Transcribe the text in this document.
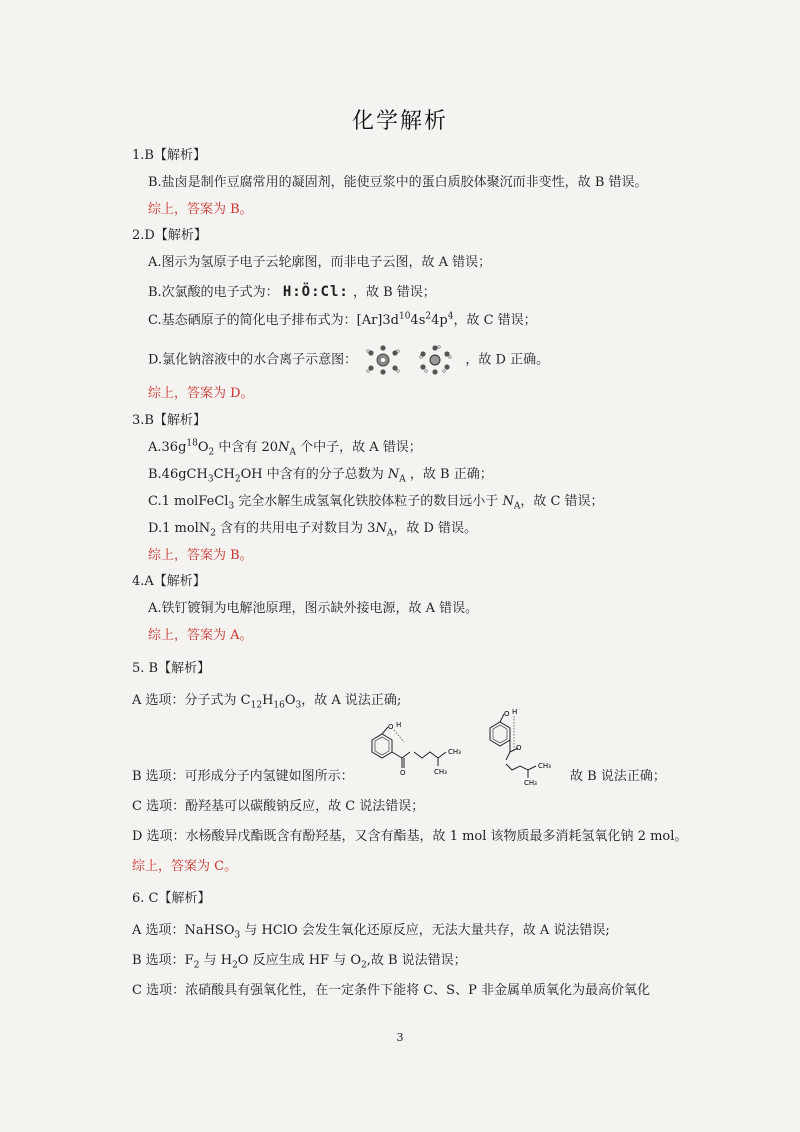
化学解析
1.B【解析】
B.盐卤是制作豆腐常用的凝固剂，能使豆浆中的蛋白质胶体聚沉而非变性，故 B 错误。
综上，答案为 B。
2.D【解析】
A.图示为氢原子电子云轮廓图，而非电子云图，故 A 错误；
B.次氯酸的电子式为： H:Ö:Cl: ，故 B 错误；
C.基态硒原子的简化电子排布式为：$[Ar]3d^{10}4s^24p^4$，故 C 错误；
D.氯化钠溶液中的水合离子示意图：	，故 D 正确。
综上，答案为 D。
3.B【解析】
$A.36g^{18}O_2$ 中含有 $20N_A$ 个中子，故 A 错误；
$B.46gCH_3CH_2OH$ 中含有的分子总数为 $N_A$ ，故 B 正确；
C.1 molFeCl$_3$ 完全水解生成氢氧化铁胶体粒子的数目远小于 $N_A$，故 C 错误；
D.1 molN$_2$ 含有的共用电子对数目为 $3N_A$，故 D 错误。
综上，答案为 B。
4.A【解析】
A.铁钉镀铜为电解池原理，图示缺外接电源，故 A 错误。
综上，答案为 A。
5. B【解析】
A 选项：分子式为 $C_{12}H_{16}O_3$，故 A 说法正确;
O H
O
CH₃
CH₃
O H
O
CH₃
CH₃
B 选项：可形成分子内氢键如图所示：	故 B 说法正确；
C 选项：酚羟基可以碳酸钠反应，故 C 说法错误；
D 选项：水杨酸异戊酯既含有酚羟基，又含有酯基，故 1 mol 该物质最多消耗氢氧化钠 2 mol。
综上，答案为 C。
6. C【解析】
A 选项：NaHSO$_3$ 与 HClO 会发生氧化还原反应，无法大量共存，故 A 说法错误;
B 选项：$F_2$ 与 $H_2O$ 反应生成 HF 与 $O_2$,故 B 说法错误；
C 选项：浓硝酸具有强氧化性，在一定条件下能将 C、S、P 非金属单质氧化为最高价氧化
3
